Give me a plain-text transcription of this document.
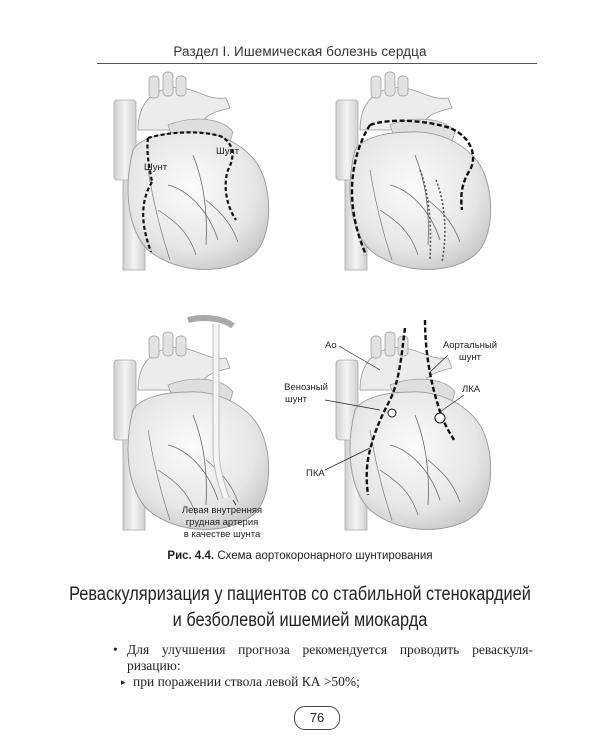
Раздел I. Ишемическая болезнь сердца
Шунт
Шунт
Левая внутренняя
грудная артерия
в качестве шунта
Ao	Аортальный
шунт
Венозный
шунт
ЛКА
ПКА
Рис. 4.4. Схема аортокоронарного шунтирования
Реваскуляризация у пациентов со стабильной стенокардией
и безболевой ишемией миокарда
• Для улучшения прогноза рекомендуется проводить реваскуля-ризацию:
▸ при поражении ствола левой КА >50%;
76
